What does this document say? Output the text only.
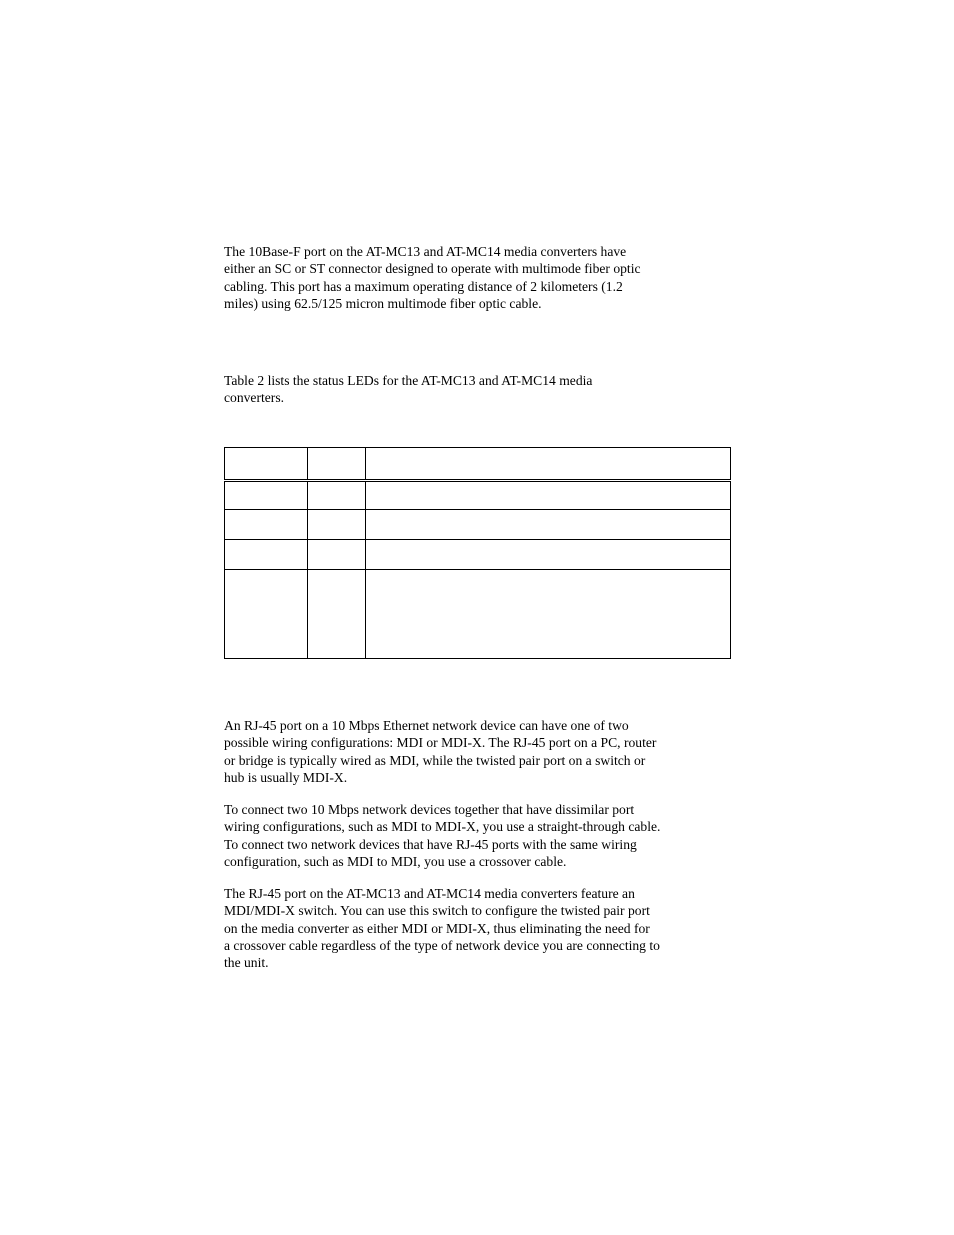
The 10Base-F port on the AT-MC13 and AT-MC14 media converters have
either an SC or ST connector designed to operate with multimode fiber optic
cabling. This port has a maximum operating distance of 2 kilometers (1.2
miles) using 62.5/125 micron multimode fiber optic cable.

Table 2 lists the status LEDs for the AT-MC13 and AT-MC14 media
converters.

An RJ-45 port on a 10 Mbps Ethernet network device can have one of two
possible wiring configurations: MDI or MDI-X. The RJ-45 port on a PC, router
or bridge is typically wired as MDI, while the twisted pair port on a switch or
hub is usually MDI-X.

To connect two 10 Mbps network devices together that have dissimilar port
wiring configurations, such as MDI to MDI-X, you use a straight-through cable.
To connect two network devices that have RJ-45 ports with the same wiring
configuration, such as MDI to MDI, you use a crossover cable.

The RJ-45 port on the AT-MC13 and AT-MC14 media converters feature an
MDI/MDI-X switch. You can use this switch to configure the twisted pair port
on the media converter as either MDI or MDI-X, thus eliminating the need for
a crossover cable regardless of the type of network device you are connecting to
the unit.
